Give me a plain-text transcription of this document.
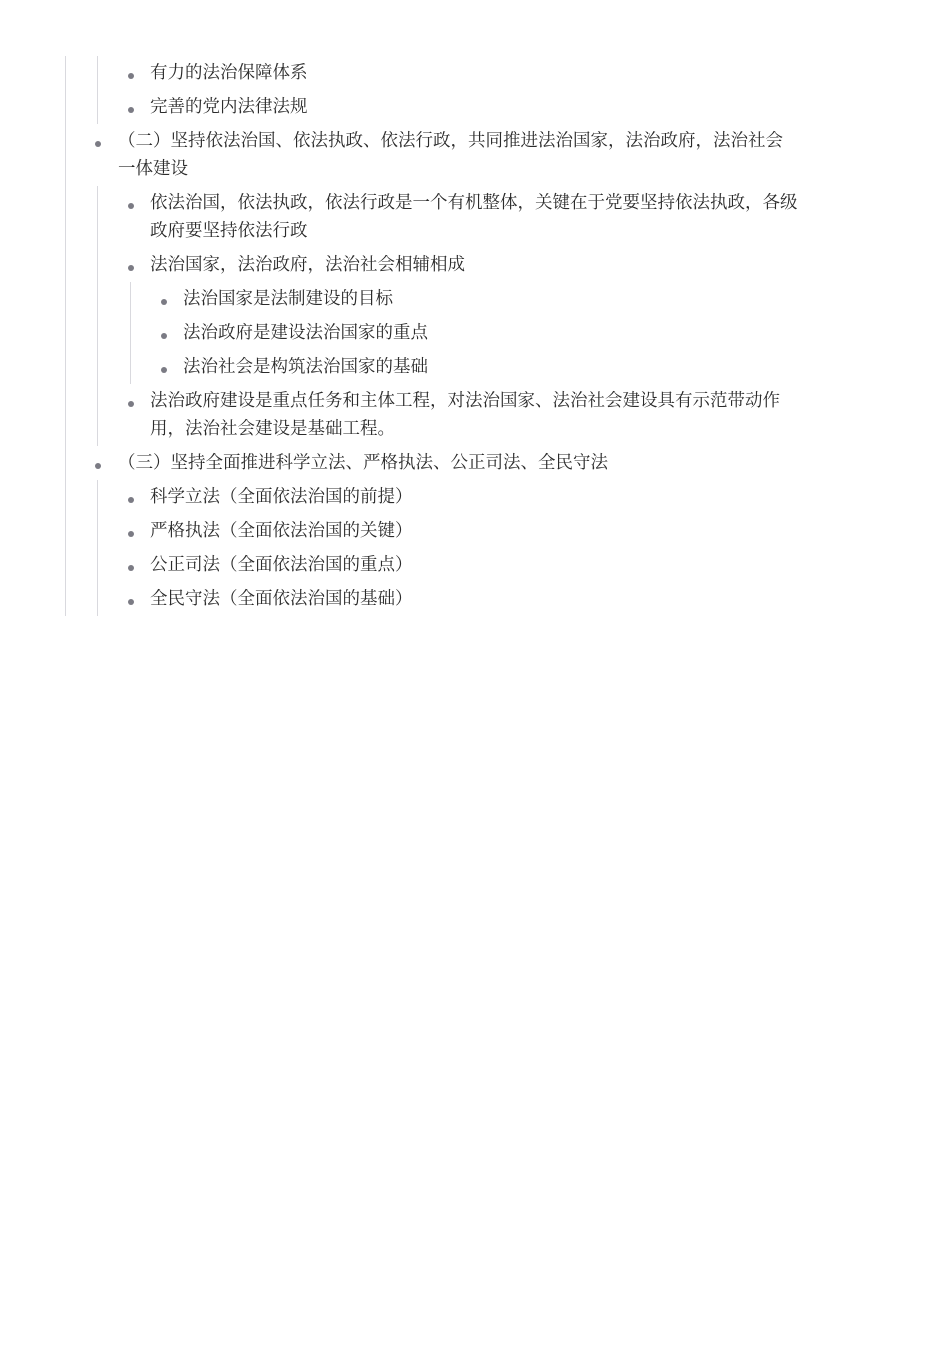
有力的法治保障体系
完善的党内法律法规
（二）坚持依法治国、依法执政、依法行政，共同推进法治国家，法治政府，法治社会一体建设
依法治国，依法执政，依法行政是一个有机整体，关键在于党要坚持依法执政，各级政府要坚持依法行政
法治国家，法治政府，法治社会相辅相成
法治国家是法制建设的目标
法治政府是建设法治国家的重点
法治社会是构筑法治国家的基础
法治政府建设是重点任务和主体工程，对法治国家、法治社会建设具有示范带动作用，法治社会建设是基础工程。
（三）坚持全面推进科学立法、严格执法、公正司法、全民守法
科学立法（全面依法治国的前提）
严格执法（全面依法治国的关键）
公正司法（全面依法治国的重点）
全民守法（全面依法治国的基础）
